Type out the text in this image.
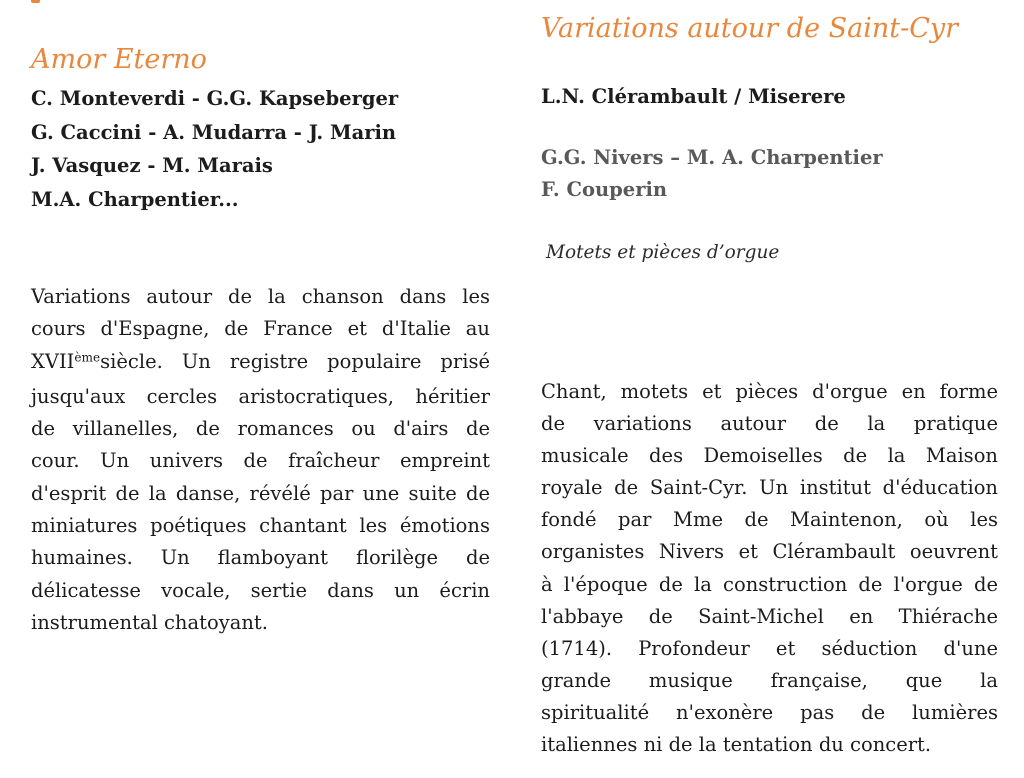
Amor Eterno
C. Monteverdi - G.G. Kapseberger
G. Caccini - A. Mudarra - J. Marin
J. Vasquez - M. Marais
M.A. Charpentier...
Variations autour de la chanson dans les
cours d'Espagne, de France et d'Italie au
XVIIèmesiècle. Un registre populaire prisé
jusqu'aux cercles aristocratiques, héritier
de villanelles, de romances ou d'airs de
cour. Un univers de fraîcheur empreint
d'esprit de la danse, révélé par une suite de
miniatures poétiques chantant les émotions
humaines. Un flamboyant florilège de
délicatesse vocale, sertie dans un écrin
instrumental chatoyant.
Variations autour de Saint-Cyr
L.N. Clérambault / Miserere
G.G. Nivers – M. A. Charpentier
F. Couperin
Motets et pièces d’orgue
Chant, motets et pièces d'orgue en forme
de variations autour de la pratique
musicale des Demoiselles de la Maison
royale de Saint-Cyr. Un institut d'éducation
fondé par Mme de Maintenon, où les
organistes Nivers et Clérambault oeuvrent
à l'époque de la construction de l'orgue de
l'abbaye de Saint-Michel en Thiérache
(1714). Profondeur et séduction d'une
grande musique française, que la
spiritualité n'exonère pas de lumières
italiennes ni de la tentation du concert.
